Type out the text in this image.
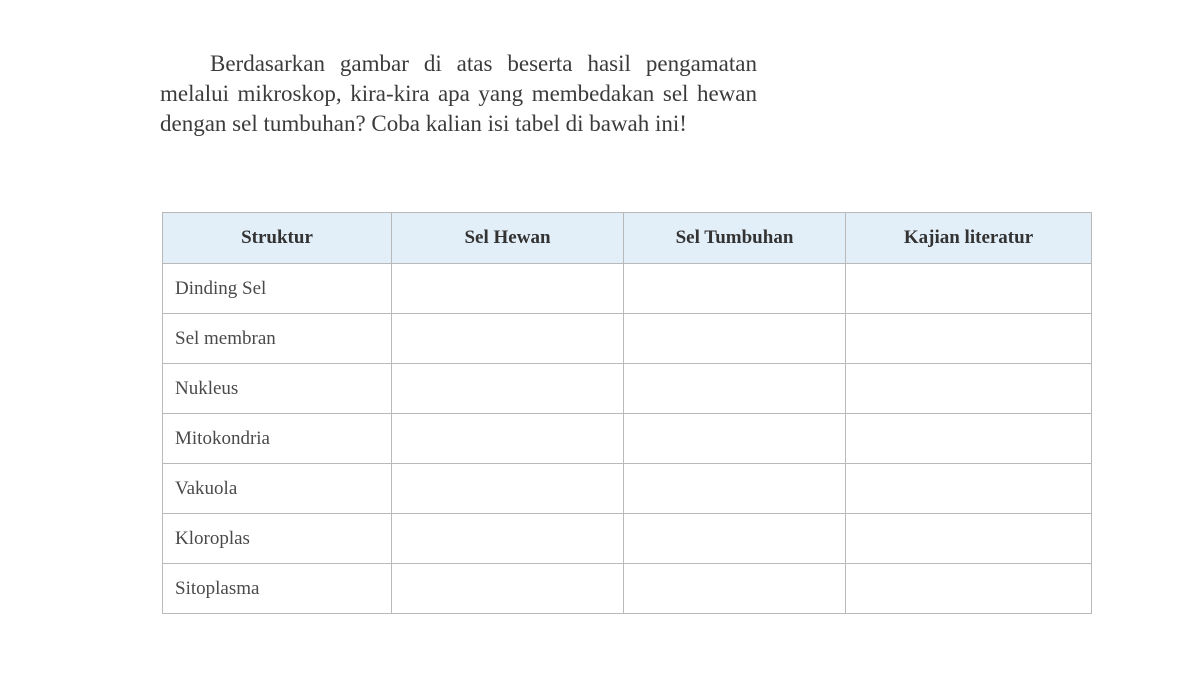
Berdasarkan gambar di atas beserta hasil pengamatan melalui mikroskop, kira-kira apa yang membedakan sel hewan dengan sel tumbuhan? Coba kalian isi tabel di bawah ini!

Struktur	Sel Hewan	Sel Tumbuhan	Kajian literatur
Dinding Sel			
Sel membran			
Nukleus			
Mitokondria			
Vakuola			
Kloroplas			
Sitoplasma			
